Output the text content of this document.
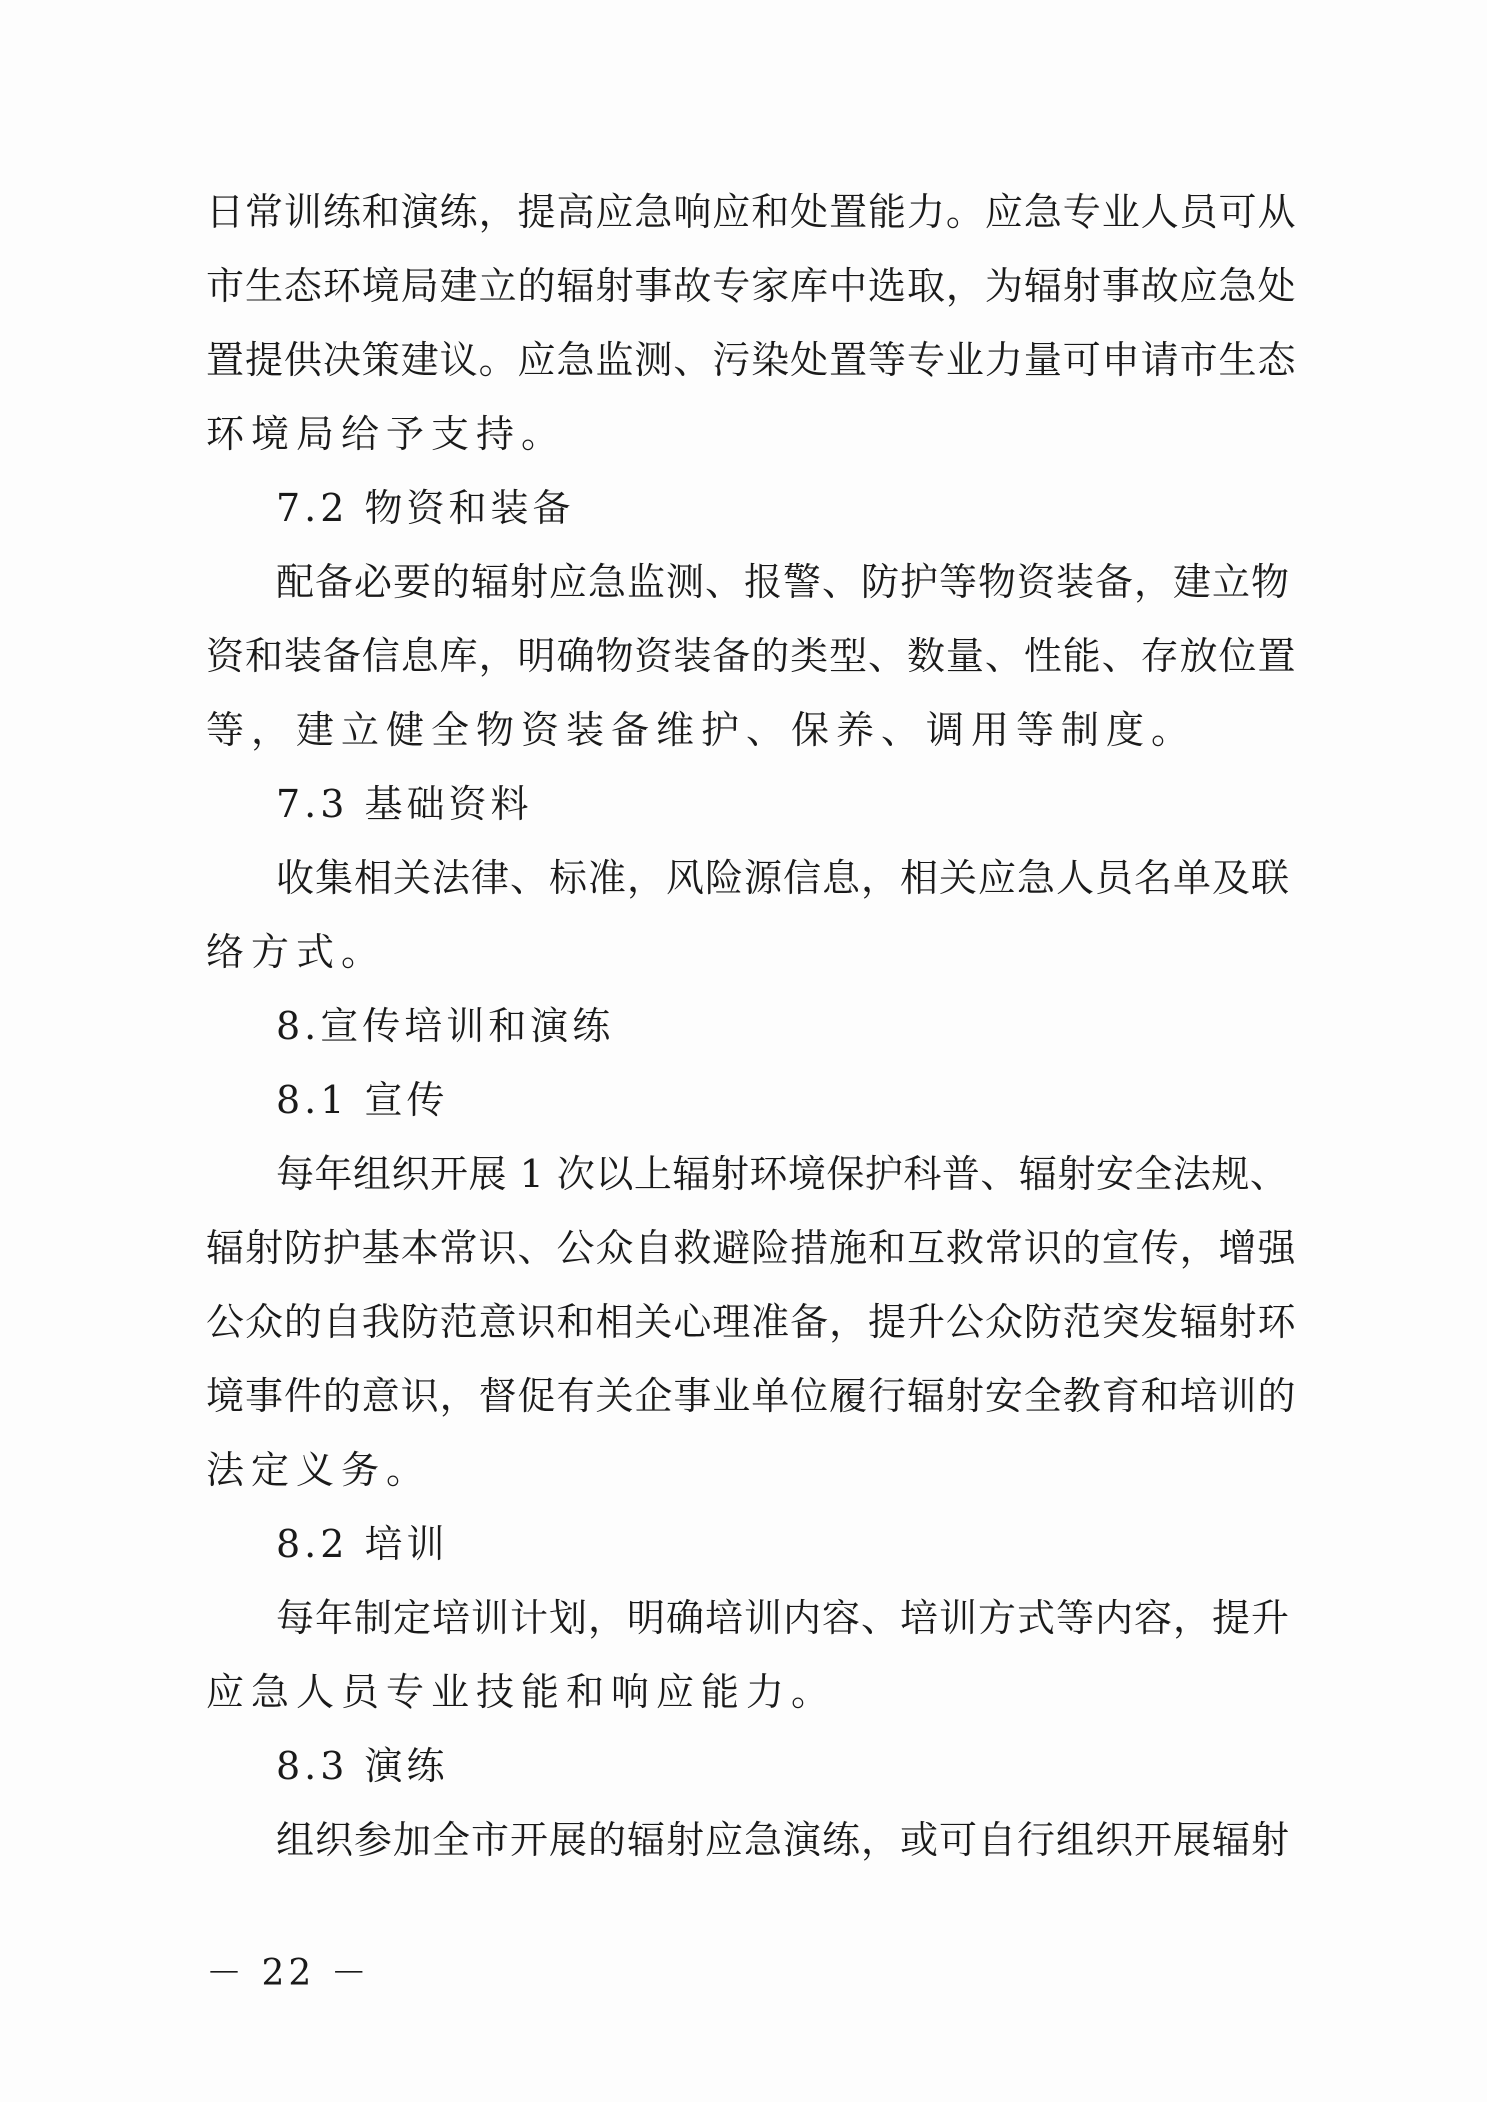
日常训练和演练，提高应急响应和处置能力。应急专业人员可从
市生态环境局建立的辐射事故专家库中选取，为辐射事故应急处
置提供决策建议。应急监测、污染处置等专业力量可申请市生态
环境局给予支持。
7.2 物资和装备
配备必要的辐射应急监测、报警、防护等物资装备，建立物
资和装备信息库，明确物资装备的类型、数量、性能、存放位置
等，建立健全物资装备维护、保养、调用等制度。
7.3 基础资料
收集相关法律、标准，风险源信息，相关应急人员名单及联
络方式。
8.宣传培训和演练
8.1 宣传
每年组织开展 1 次以上辐射环境保护科普、辐射安全法规、
辐射防护基本常识、公众自救避险措施和互救常识的宣传，增强
公众的自我防范意识和相关心理准备，提升公众防范突发辐射环
境事件的意识，督促有关企事业单位履行辐射安全教育和培训的
法定义务。
8.2 培训
每年制定培训计划，明确培训内容、培训方式等内容，提升
应急人员专业技能和响应能力。
8.3 演练
组织参加全市开展的辐射应急演练，或可自行组织开展辐射
－ 22 －
